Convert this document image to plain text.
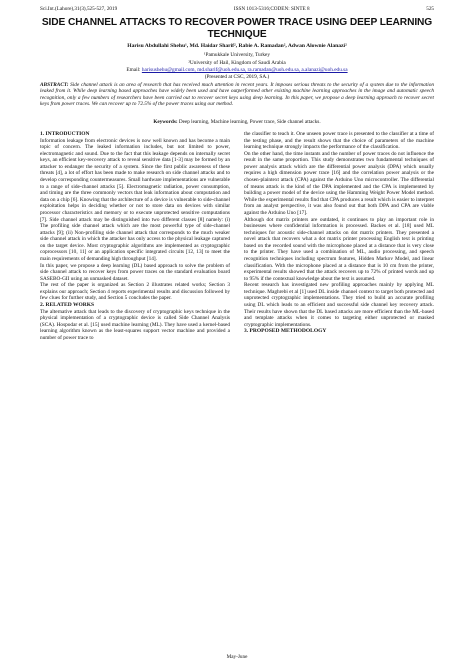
Sci.Int.(Lahore),31(3),525-527, 2019	ISSN 1013-5316;CODEN: SINTE 8	525
SIDE CHANNEL ATTACKS TO RECOVER POWER TRACE USING DEEP LEARNING TECHNIQUE
Harisu Abdullahi Shehu¹, Md. Haidar Sharif², Rabie A. Ramadan², Adwan Alownie Alanazi²
¹Pamukkale University, Turkey
²University of Hail, Kingdom of Saudi Arabia
Email: harisushehu@gmail.com, md.sharif@uoh.edu.sa, ra.ramadan@uoh.edu.sa, a.alanazi@uoh.edu.sa
(Presented at CSC, 2019, SA.)
ABSTRACT: Side channel attack is an area of research that has received much attention in recent years. It imposes serious threats to the security of a system due to the information leaked from it. While deep learning based approaches have widely been used and have outperformed other existing machine learning approaches in the image and automatic speech recognition, only a few numbers of researchers have been carried out to recover secret keys using deep learning. In this paper, we propose a deep learning approach to recover secret keys from power traces. We can recover up to 72.5% of the power traces using our method.
Keywords: Deep learning, Machine learning, Power trace, Side channel attacks.
1. INTRODUCTION

Information leakage from electronic devices is now well known and has become a main topic of concern. The leaked information includes, but not limited to power, electromagnetic and sound. Due to the fact that this leakage depends on internally secret keys, an efficient key-recovery attack to reveal sensitive data [1-3] may be formed by an attacker to endanger the security of a system. Since the first public awareness of these threats [4], a lot of effort has been made to make research on side channel attacks and to develop corresponding countermeasures. Small hardware implementations are vulnerable to a range of side-channel attacks [5]. Electromagnetic radiation, power consumption, and timing are the three commonly vectors that leak information about computation and data on a chip [6]. Knowing that the architecture of a device is vulnerable to side-channel exploitation helps in deciding whether or not to store data on devices with similar processor characteristics and memory or to execute unprotected sensitive computations [7]. Side channel attack may be distinguished into two different classes [8] namely: (i) The profiling side channel attack which are the most powerful type of side-channel attacks [9]; (ii) Non-profiling side channel attack that corresponds to the much weaker side channel attack in which the attacker has only access to the physical leakage captured on the target device. Most cryptographic algorithms are implemented as cryptographic coprocessors [10, 11] or an application specific integrated circuits [12, 13] to meet the main requirements of demanding high throughput [14].

In this paper, we propose a deep learning (DL) based approach to solve the problem of side channel attack to recover keys from power traces on the standard evaluation board SASEBO-GII using an unmasked dataset.

The rest of the paper is organized as Section 2 illustrates related works; Section 3 explains our approach; Section 4 reports experimental results and discussion followed by few clues for further study, and Section 5 concludes the paper.

2. RELATED WORKS

The alternative attack that leads to the discovery of cryptographic keys technique in the physical implementation of a cryptographic device is called Side Channel Analysis (SCA). Hospodar et al. [15] used machine learning (ML). They have used a kernel-based learning algorithm known as the least-squares support vector machine and provided a number of power trace to

the classifier to teach it. One unseen power trace is presented to the classifier at a time of the testing phase, and the result shows that the choice of parameters of the machine learning technique strongly impacts the performance of the classification.

On the other hand, the time instants and the number of power traces do not influence the result in the same proportion. This study demonstrates two fundamental techniques of power analysis attack which are the differential power analysis (DPA) which usually requires a high dimension power trace [16] and the correlation power analysis or the chosen-plaintext attack (CPA) against the Arduino Uno microcontroller. The differential of means attack is the kind of the DPA implemented and the CPA is implemented by building a power model of the device using the Hamming Weight Power Model method. While the experimental results find that CPA produces a result which is easier to interpret from an analyst perspective, it was also found out that both DPA and CPA are viable against the Arduino Uno [17].

Although dot matrix printers are outdated, it continues to play an important role in businesses where confidential information is processed. Backes et al. [18] used ML techniques for acoustic side-channel attacks on dot matrix printers. They presented a novel attack that recovers what a dot matrix printer processing English text is printing based on the recorded sound with the microphone placed at a distance that is very close to the printer. They have used a combination of ML, audio processing, and speech recognition techniques including spectrum features, Hidden Markov Model, and linear classification. With the microphone placed at a distance that is 10 cm from the printer, experimental results showed that the attack recovers up to 72% of printed words and up to 95% if the contextual knowledge about the text is assumed.

Recent research has investigated new profiling approaches mainly by applying ML technique. Maghrebi et al [1] used DL inside channel context to target both protected and unprotected cryptographic implementations. They tried to build an accurate profiling using DL which leads to an efficient and successful side channel key recovery attack. Their results have shown that the DL based attacks are more efficient than the ML-based and template attacks when it comes to targeting either unprotected or masked cryptographic implementations.

3. PROPOSED METHODOLOGY
May-June
